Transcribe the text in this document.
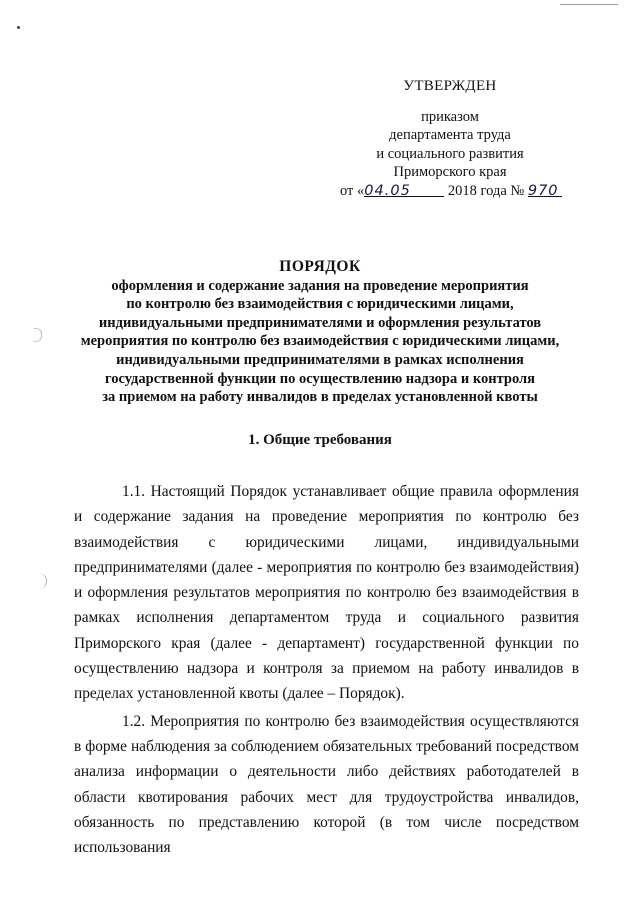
УТВЕРЖДЕН
приказом
департамента труда
и социального развития
Приморского края
от «04.05	2018 года № 970
ПОРЯДОК
оформления и содержание задания на проведение мероприятия
по контролю без взаимодействия с юридическими лицами,
индивидуальными предпринимателями и оформления результатов
мероприятия по контролю без взаимодействия с юридическими лицами,
индивидуальными предпринимателями в рамках исполнения
государственной функции по осуществлению надзора и контроля
за приемом на работу инвалидов в пределах установленной квоты
1. Общие требования

1.1. Настоящий Порядок устанавливает общие правила оформления и содержание задания на проведение мероприятия по контролю без взаимодействия с юридическими лицами, индивидуальными предпринимателями (далее - мероприятия по контролю без взаимодействия) и оформления результатов мероприятия по контролю без взаимодействия в рамках исполнения департаментом труда и социального развития Приморского края (далее - департамент) государственной функции по осуществлению надзора и контроля за приемом на работу инвалидов в пределах установленной квоты (далее – Порядок).

1.2. Мероприятия по контролю без взаимодействия осуществляются в форме наблюдения за соблюдением обязательных требований посредством анализа информации о деятельности либо действиях работодателей в области квотирования рабочих мест для трудоустройства инвалидов, обязанность по представлению которой (в том числе посредством использования
